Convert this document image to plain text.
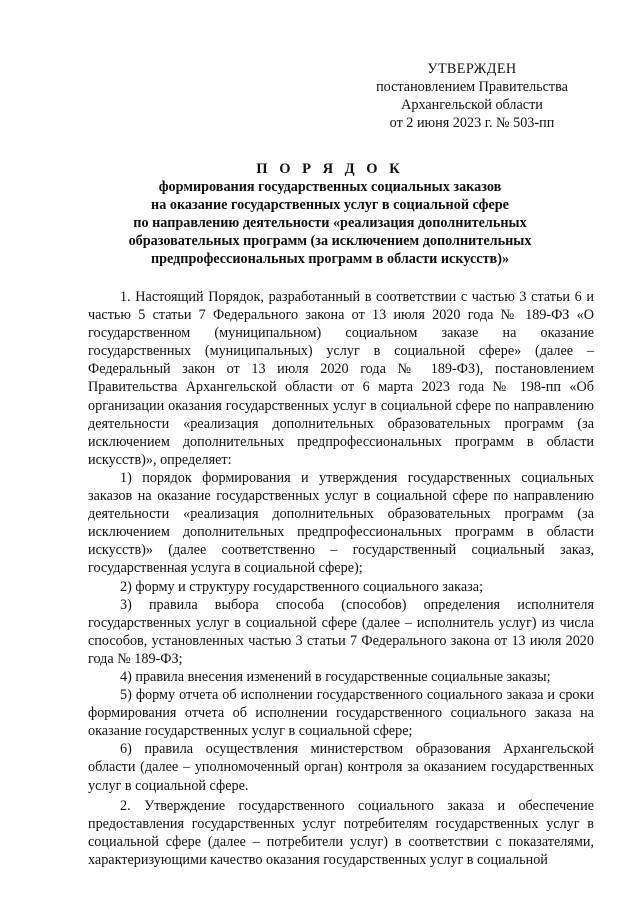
УТВЕРЖДЕН
постановлением Правительства
Архангельской области
от 2 июня 2023 г. № 503-пп
П О Р Я Д О К
формирования государственных социальных заказов
на оказание государственных услуг в социальной сфере
по направлению деятельности «реализация дополнительных
образовательных программ (за исключением дополнительных
предпрофессиональных программ в области искусств)»

1. Настоящий Порядок, разработанный в соответствии с частью 3 статьи 6 и частью 5 статьи 7 Федерального закона от 13 июля 2020 года № 189-ФЗ «О государственном (муниципальном) социальном заказе на оказание государственных (муниципальных) услуг в социальной сфере» (далее – Федеральный закон от 13 июля 2020 года № 189-ФЗ), постановлением Правительства Архангельской области от 6 марта 2023 года № 198-пп «Об организации оказания государственных услуг в социальной сфере по направлению деятельности «реализация дополнительных образовательных программ (за исключением дополнительных предпрофессиональных программ в области искусств)», определяет:

1) порядок формирования и утверждения государственных социальных заказов на оказание государственных услуг в социальной сфере по направлению деятельности «реализация дополнительных образовательных программ (за исключением дополнительных предпрофессиональных программ в области искусств)» (далее соответственно – государственный социальный заказ, государственная услуга в социальной сфере);

2) форму и структуру государственного социального заказа;

3) правила выбора способа (способов) определения исполнителя государственных услуг в социальной сфере (далее – исполнитель услуг) из числа способов, установленных частью 3 статьи 7 Федерального закона от 13 июля 2020 года № 189-ФЗ;

4) правила внесения изменений в государственные социальные заказы;

5) форму отчета об исполнении государственного социального заказа и сроки формирования отчета об исполнении государственного социального заказа на оказание государственных услуг в социальной сфере;

6) правила осуществления министерством образования Архангельской области (далее – уполномоченный орган) контроля за оказанием государственных услуг в социальной сфере.

2. Утверждение государственного социального заказа и обеспечение предоставления государственных услуг потребителям государственных услуг в социальной сфере (далее – потребители услуг) в соответствии с показателями, характеризующими качество оказания государственных услуг в социальной
